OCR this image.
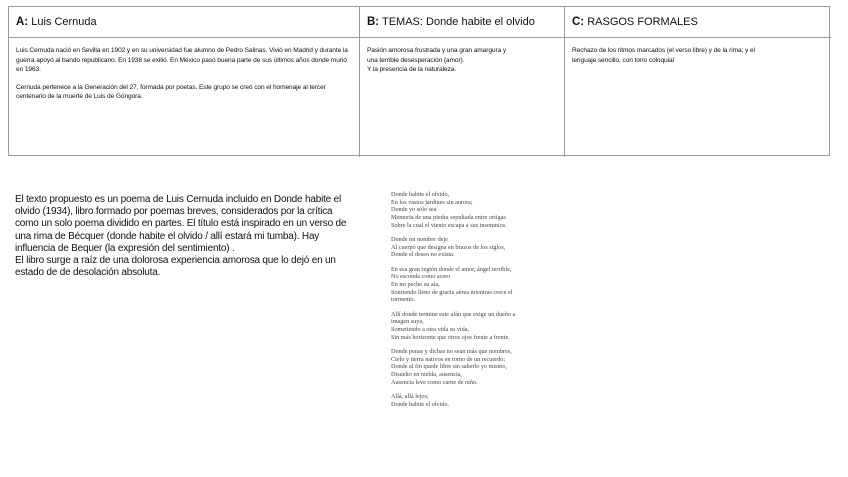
A: Luis Cernuda	B: TEMAS: Donde habite el olvido	C: RASGOS FORMALES

Luis Cernuda nació en Sevilla en 1902 y en su universidad fue alumno de Pedro Salinas. Vivió en Madrid y durante la guerra apoyó al bando republicano. En 1938 se exilió. En México pasó buena parte de sus últimos años donde murió en 1963.

Cernuda pertenece a la Generación del 27, formada por poetas. Este grupo se creó con el homenaje al tercer centenario de la muerte de Luis de Góngora.

Pasión amorosa frustrada y una gran amargura y
una terrible desesperación (amor).
Y la presencia de la naturaleza.
Rechazo de los ritmos marcados (el verso libre) y de la rima; y el
lenguaje sencillo, con tono coloquial

El texto propuesto es un poema de Luis Cernuda incluido en Donde habite el olvido (1934), libro formado por poemas breves, considerados por la crítica como un solo poema dividido en partes. El título está inspirado en un verso de una rima de Bécquer (donde habite el olvido / allí estará mi tumba). Hay influencia de Bequer (la expresión del sentimiento) .

El libro surge a raíz de una dolorosa experiencia amorosa que lo dejó en un estado de de desolación absoluta.

Donde habite el olvido,
En los vastos jardines sin aurora;
Donde yo sólo sea
Memoria de una piedra sepultada entre ortigas
Sobre la cual el viento escapa a sus insomnios.
Donde mi nombre deje
Al cuerpo que designa en brazos de los siglos,
Donde el deseo no exista.
En esa gran región donde el amor, ángel terrible,
No esconda como acero
En mi pecho su ala,
Sonriendo lleno de gracia aérea mientras crece el
tormento.
Allí donde termine este afán que exige un dueño a
imagen suya,
Sometiendo a otra vida su vida,
Sin más horizonte que otros ojos frente a frente.
Donde penas y dichas no sean más que nombres,
Cielo y tierra nativos en torno de un recuerdo;
Donde al fin quede libre sin saberlo yo mismo,
Disuelto en niebla, ausencia,
Ausencia leve como carne de niño.
Allá, allá lejos;
Donde habite el olvido.
